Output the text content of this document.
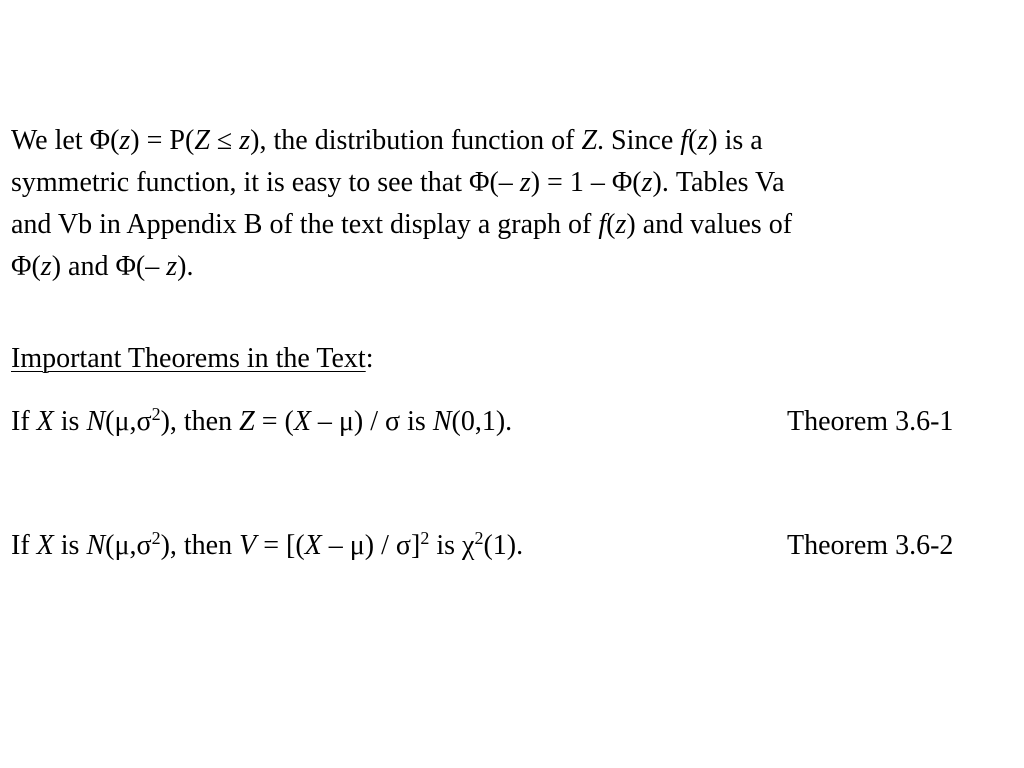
We let Φ(z) = P(Z ≤ z), the distribution function of Z. Since f(z) is a
symmetric function, it is easy to see that Φ(– z) = 1 – Φ(z). Tables Va
and Vb in Appendix B of the text display a graph of f(z) and values of
Φ(z) and Φ(– z).
Important Theorems in the Text:
If X is $N(\mu,\sigma^2)$, then Z = (X – μ) / σ is N(0,1).	Theorem 3.6-1
If X is $N(\mu,\sigma^2)$, then V = [(X – μ) / σ]$^2$ is $\chi^2(1)$.	Theorem 3.6-2
